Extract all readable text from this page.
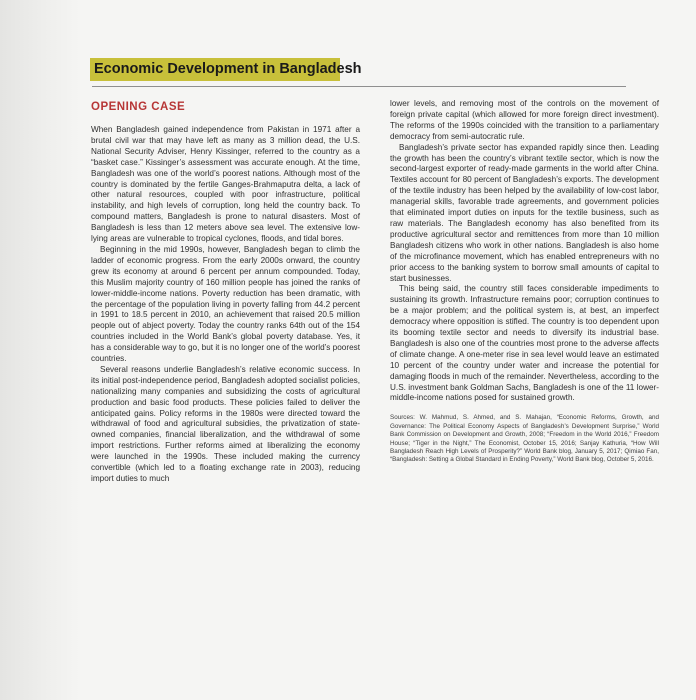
Economic Development in Bangladesh
OPENING CASE

When Bangladesh gained independence from Pakistan in 1971 after a brutal civil war that may have left as many as 3 million dead, the U.S. National Security Adviser, Henry Kissinger, referred to the country as a “basket case.” Kissinger’s assessment was accurate enough. At the time, Bangladesh was one of the world’s poorest nations. Although most of the country is dominated by the fertile Ganges-Brahmaputra delta, a lack of other natural resources, coupled with poor infrastructure, political instability, and high levels of corruption, long held the country back. To compound matters, Bangladesh is prone to natural disasters. Most of Bangladesh is less than 12 meters above sea level. The extensive low-lying areas are vulnerable to tropical cyclones, floods, and tidal bores.

Beginning in the mid 1990s, however, Bangladesh began to climb the ladder of economic progress. From the early 2000s onward, the country grew its economy at around 6 percent per annum compounded. Today, this Muslim majority country of 160 million people has joined the ranks of lower-middle-income nations. Poverty reduction has been dramatic, with the percentage of the population living in poverty falling from 44.2 percent in 1991 to 18.5 percent in 2010, an achievement that raised 20.5 million people out of abject poverty. Today the country ranks 64th out of the 154 countries included in the World Bank’s global poverty database. Yes, it has a considerable way to go, but it is no longer one of the world’s poorest countries.

Several reasons underlie Bangladesh’s relative economic success. In its initial post-independence period, Bangladesh adopted socialist policies, nationalizing many companies and subsidizing the costs of agricultural production and basic food products. These policies failed to deliver the anticipated gains. Policy reforms in the 1980s were directed toward the withdrawal of food and agricultural subsidies, the privatization of state-owned companies, financial liberalization, and the withdrawal of some import restrictions. Further reforms aimed at liberalizing the economy were launched in the 1990s. These included making the currency convertible (which led to a floating exchange rate in 2003), reducing import duties to much

lower levels, and removing most of the controls on the movement of foreign private capital (which allowed for more foreign direct investment). The reforms of the 1990s coincided with the transition to a parliamentary democracy from semi-autocratic rule.

Bangladesh’s private sector has expanded rapidly since then. Leading the growth has been the country’s vibrant textile sector, which is now the second-largest exporter of ready-made garments in the world after China. Textiles account for 80 percent of Bangladesh’s exports. The development of the textile industry has been helped by the availability of low-cost labor, managerial skills, favorable trade agreements, and government policies that eliminated import duties on inputs for the textile business, such as raw materials. The Bangladesh economy has also benefited from its productive agricultural sector and remittences from more than 10 million Bangladesh citizens who work in other nations. Bangladesh is also home of the microfinance movement, which has enabled entrepreneurs with no prior access to the banking system to borrow small amounts of capital to start businesses.

This being said, the country still faces considerable impediments to sustaining its growth. Infrastructure remains poor; corruption continues to be a major problem; and the political system is, at best, an imperfect democracy where opposition is stifled. The country is too dependent upon its booming textile sector and needs to diversify its industrial base. Bangladesh is also one of the countries most prone to the adverse affects of climate change. A one-meter rise in sea level would leave an estimated 10 percent of the country under water and increase the potential for damaging floods in much of the remainder. Nevertheless, according to the U.S. investment bank Goldman Sachs, Bangladesh is one of the 11 lower-middle-income nations posed for sustained growth.

Sources: W. Mahmud, S. Ahmed, and S. Mahajan, “Economic Reforms, Growth, and Governance: The Political Economy Aspects of Bangladesh’s Development Surprise,” World Bank Commission on Development and Growth, 2008; “Freedom in the World 2016,” Freedom House; “Tiger in the Night,” The Economist, October 15, 2016; Sanjay Kathuria, “How Will Bangladesh Reach High Levels of Prosperity?” World Bank blog, January 5, 2017; Qimiao Fan, “Bangladesh: Setting a Global Standard in Ending Poverty,” World Bank blog, October 5, 2016.
